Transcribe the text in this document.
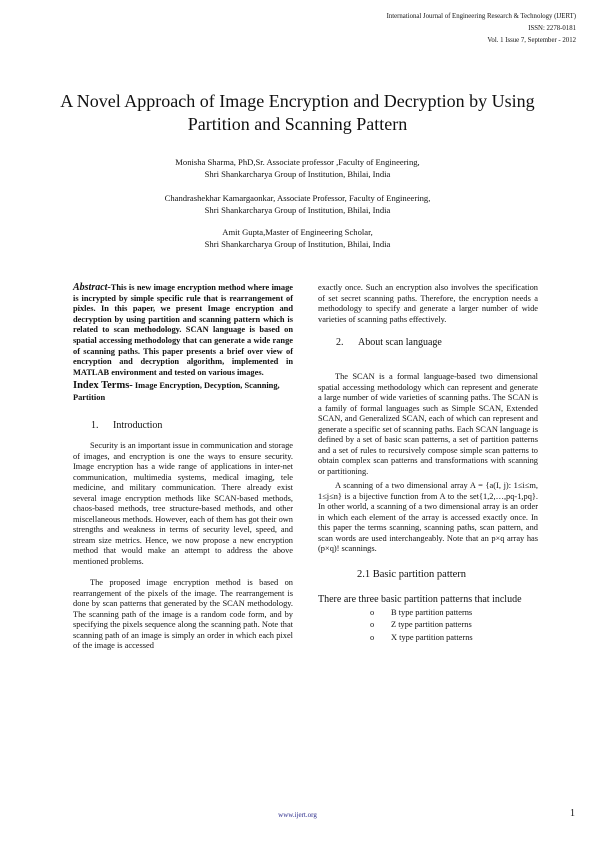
International Journal of Engineering Research & Technology (IJERT)
ISSN: 2278-0181
Vol. 1 Issue 7, September - 2012
A Novel Approach of Image Encryption and Decryption by Using Partition and Scanning Pattern
Monisha Sharma, PhD,Sr. Associate professor ,Faculty of Engineering,
Shri Shankarcharya Group of Institution, Bhilai, India
Chandrashekhar Kamargaonkar, Associate Professor, Faculty of Engineering,
Shri Shankarcharya Group of Institution, Bhilai, India
Amit Gupta,Master of Engineering Scholar,
Shri Shankarcharya Group of Institution, Bhilai, India

Abstract-This is new image encryption method where image is incrypted by simple specific rule that is rearrangement of pixles. In this paper, we present Image encryption and decryption by using partition and scanning pattern which is related to scan methodology. SCAN language is based on spatial accessing methodology that can generate a wide range of scanning paths. This paper presents a brief over view of encryption and decryption algorithm, implemented in MATLAB environment and tested on various images.

Index Terms- Image Encryption, Decyption, Scanning, Partition

1. Introduction

Security is an important issue in communication and storage of images, and encryption is one the ways to ensure security. Image encryption has a wide range of applications in inter-net communication, multimedia systems, medical imaging, tele medicine, and military communication. There already exist several image encryption methods like SCAN-based methods, chaos-based methods, tree structure-based methods, and other miscellaneous methods. However, each of them has got their own strengths and weakness in terms of security level, speed, and stream size metrics. Hence, we now propose a new encryption method that would make an attempt to address the above mentioned problems.

The proposed image encryption method is based on rearrangement of the pixels of the image. The rearrangement is done by scan patterns that generated by the SCAN methodology. The scanning path of the image is a random code form, and by specifying the pixels sequence along the scanning path. Note that scanning path of an image is simply an order in which each pixel of the image is accessed

exactly once. Such an encryption also involves the specification of set secret scanning paths. Therefore, the encryption needs a methodology to specify and generate a larger number of wide varieties of scanning paths effectively.

2. About scan language

The SCAN is a formal language-based two dimensional spatial accessing methodology which can represent and generate a large number of wide varieties of scanning paths. The SCAN is a family of formal languages such as Simple SCAN, Extended SCAN, and Generalized SCAN, each of which can represent and generate a specific set of scanning paths. Each SCAN language is defined by a set of basic scan patterns, a set of partition patterns and a set of rules to recursively compose simple scan patterns to obtain complex scan patterns and transformations with scanning or partitioning.

A scanning of a two dimensional array A = {a(I, j): 1≤i≤m, 1≤j≤n} is a bijective function from A to the set{1,2,…,pq-1,pq}. In other world, a scanning of a two dimensional array is an order in which each element of the array is accessed exactly once. In this paper the terms scanning, scanning paths, scan pattern, and scan words are used interchangeably. Note that an p×q array has (p×q)! scannings.

2.1 Basic partition pattern

There are three basic partition patterns that include

o B type partition patterns
o Z type partition patterns
o X type partition patterns
www.ijert.org	1
